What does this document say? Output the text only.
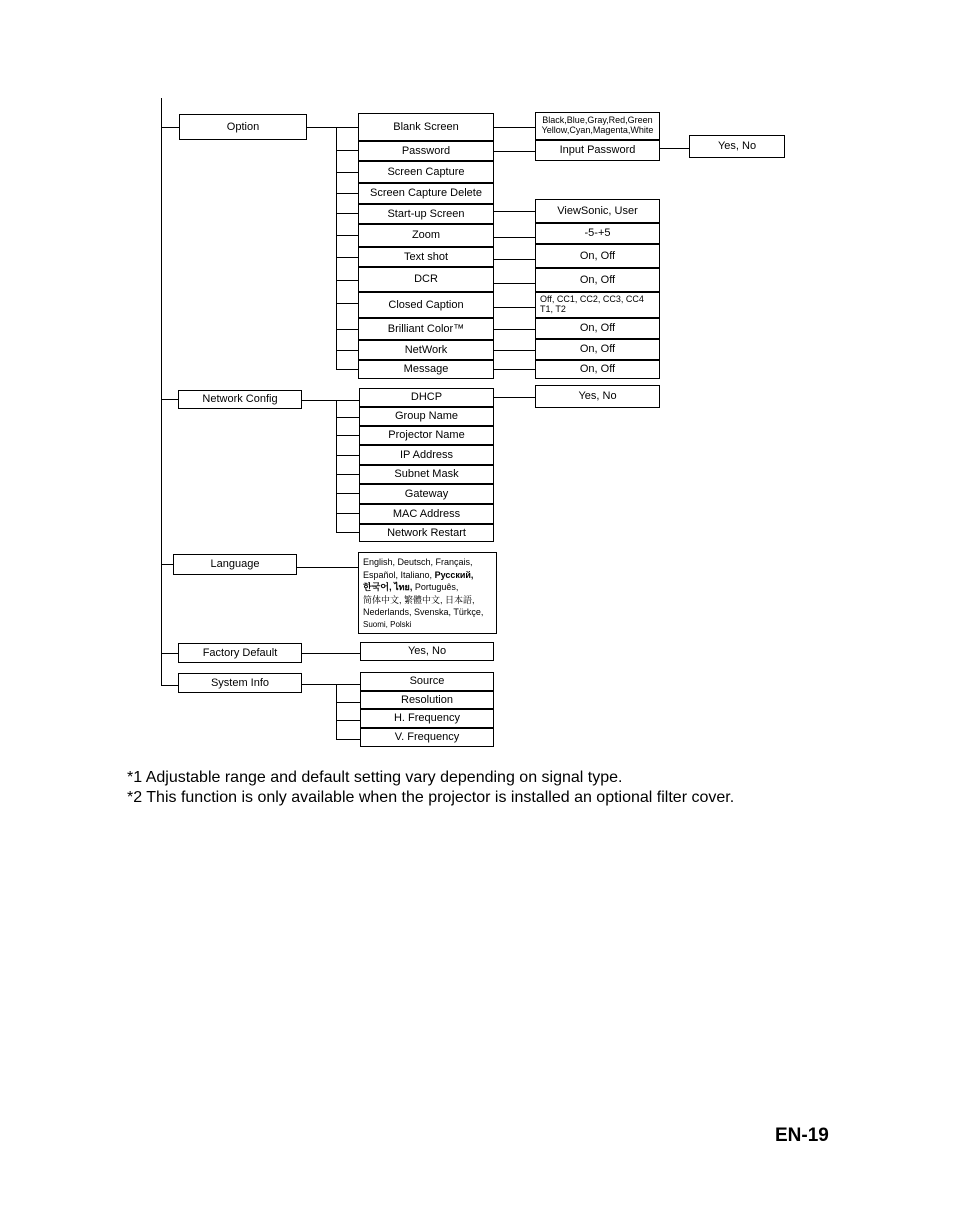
Option
Network Config
Language
Factory Default
System Info
Blank Screen
Password
Screen Capture
Screen Capture Delete
Start-up Screen
Zoom
Text shot
DCR
Closed Caption
Brilliant Color™
NetWork
Message
Black,Blue,Gray,Red,Green
Yellow,Cyan,Magenta,White
Input Password	Yes, No
ViewSonic, User
-5-+5
On, Off
On, Off
Off, CC1, CC2, CC3, CC4
T1, T2
On, Off
On, Off
On, Off
DHCP
Group Name
Projector Name
IP Address
Subnet Mask
Gateway
MAC Address
Network Restart
Yes, No
English, Deutsch, Français,
Español, Italiano, Русский,
한국어, ไทย, Português,
简体中文, 繁體中文, 日本語,
Nederlands, Svenska, Türkçe,
Suomi, Polski
Yes, No
Source
Resolution
H. Frequency
V. Frequency
*1 Adjustable range and default setting vary depending on signal type.
*2 This function is only available when the projector is installed an optional filter cover.
EN-19
